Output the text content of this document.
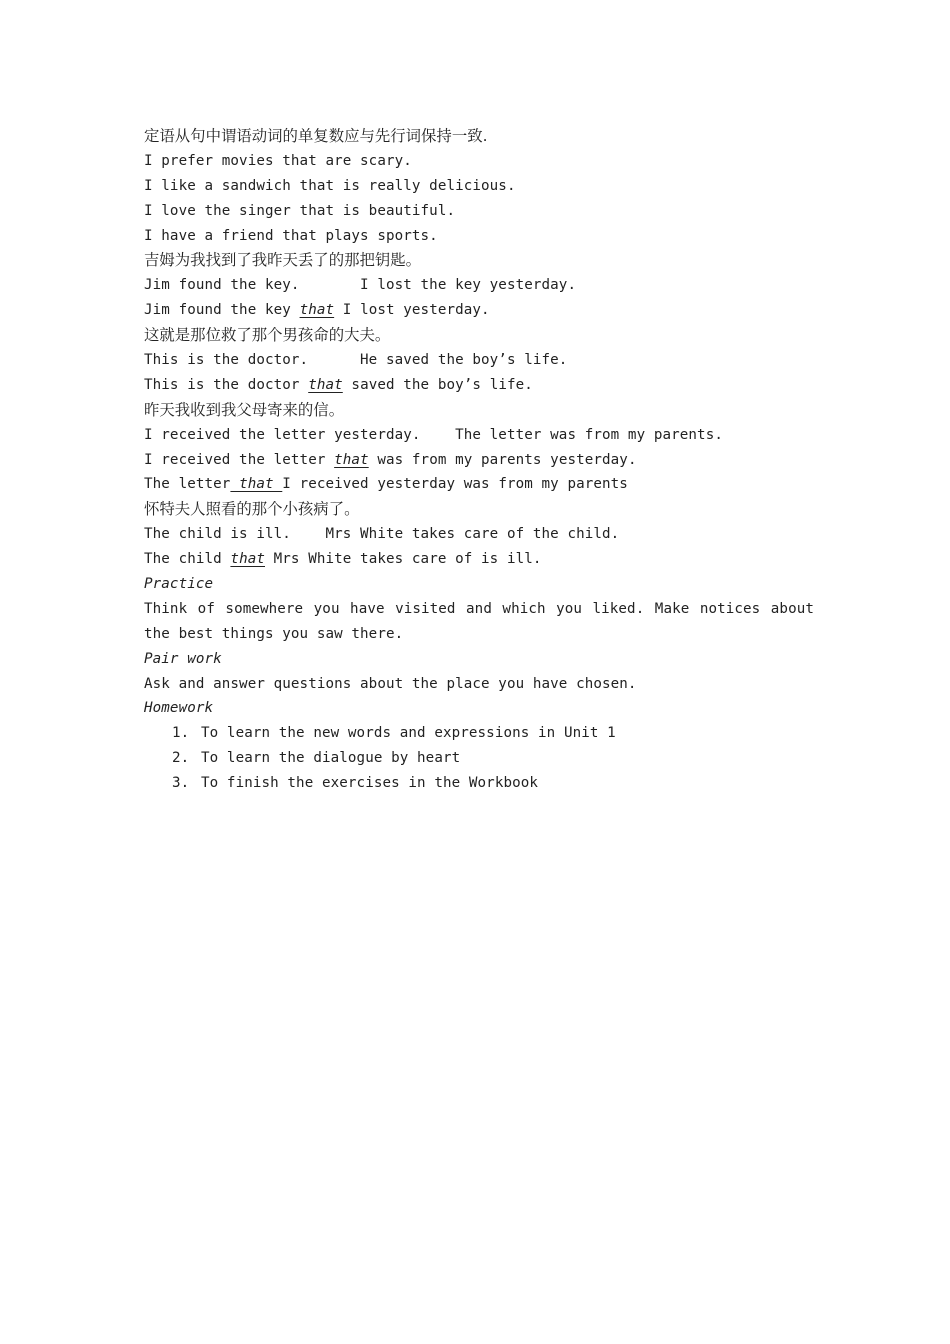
定语从句中谓语动词的单复数应与先行词保持一致.
I prefer movies that are scary.
I like a sandwich that is really delicious.
I love the singer that is beautiful.
I have a friend that plays sports.
吉姆为我找到了我昨天丢了的那把钥匙。
Jim found the key.       I lost the key yesterday.
Jim found the key that I lost yesterday.
这就是那位救了那个男孩命的大夫。
This is the doctor.      He saved the boy’s life.
This is the doctor that saved the boy’s life.
昨天我收到我父母寄来的信。
I received the letter yesterday.    The letter was from my parents.
I received the letter that was from my parents yesterday.
The letter that I received yesterday was from my parents
怀特夫人照看的那个小孩病了。
The child is ill.    Mrs White takes care of the child.
The child that Mrs White takes care of is ill.
Practice
Think of somewhere you have visited and which you liked. Make notices about
the best things you saw there.
Pair work
Ask and answer questions about the place you have chosen.
Homework
1. To learn the new words and expressions in Unit 1
2. To learn the dialogue by heart
3. To finish the exercises in the Workbook
